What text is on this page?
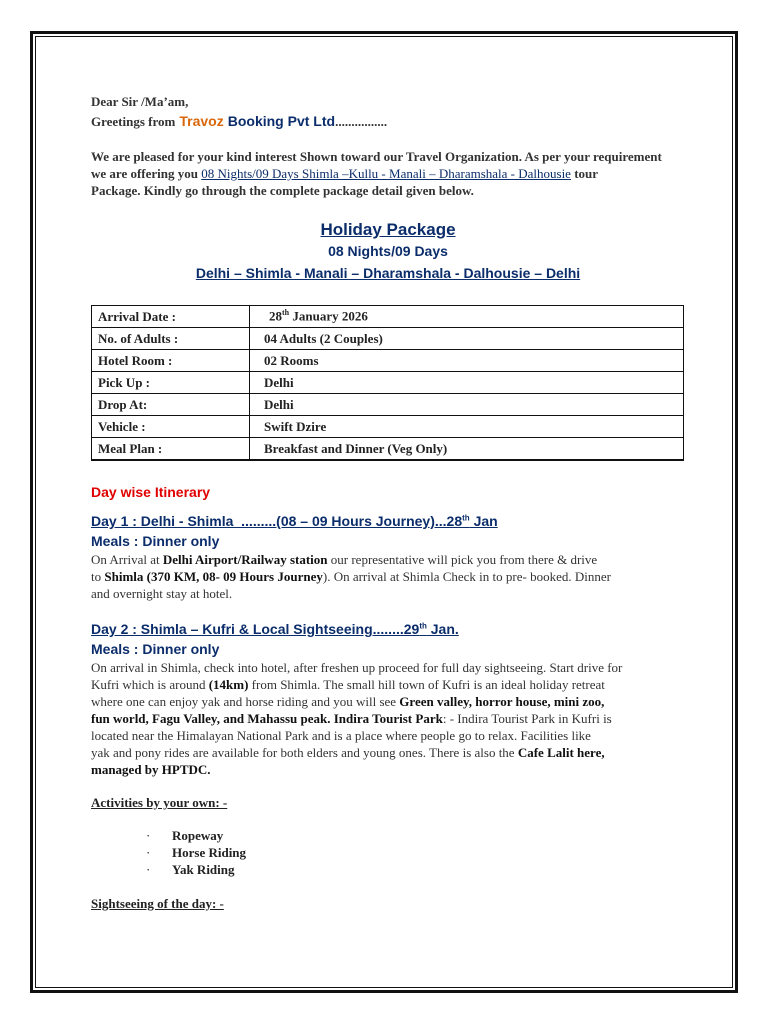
Dear Sir /Ma’am,
Greetings from Travoz Booking Pvt Ltd................
We are pleased for your kind interest Shown toward our Travel Organization. As per your requirement
we are offering you 08 Nights/09 Days Shimla –Kullu - Manali – Dharamshala - Dalhousie tour
Package. Kindly go through the complete package detail given below.
Holiday Package
08 Nights/09 Days
Delhi – Shimla - Manali – Dharamshala - Dalhousie – Delhi
Arrival Date :	28th January 2026
No. of Adults :	04 Adults (2 Couples)
Hotel Room :	02 Rooms
Pick Up :	Delhi
Drop At:	Delhi
Vehicle :	Swift Dzire
Meal Plan :	Breakfast and Dinner (Veg Only)
Day wise Itinerary
Day 1 : Delhi - Shimla  .........(08 – 09 Hours Journey)...28th Jan
Meals : Dinner only
On Arrival at Delhi Airport/Railway station our representative will pick you from there & drive
to Shimla (370 KM, 08- 09 Hours Journey). On arrival at Shimla Check in to pre- booked. Dinner
and overnight stay at hotel.
Day 2 : Shimla – Kufri & Local Sightseeing........29th Jan.
Meals : Dinner only
On arrival in Shimla, check into hotel, after freshen up proceed for full day sightseeing. Start drive for
Kufri which is around (14km) from Shimla. The small hill town of Kufri is an ideal holiday retreat
where one can enjoy yak and horse riding and you will see Green valley, horror house, mini zoo,
fun world, Fagu Valley, and Mahassu peak. Indira Tourist Park: - Indira Tourist Park in Kufri is
located near the Himalayan National Park and is a place where people go to relax. Facilities like
yak and pony rides are available for both elders and young ones. There is also the Cafe Lalit here,
managed by HPTDC.
Activities by your own: -
· Ropeway
· Horse Riding
· Yak Riding
Sightseeing of the day: -
